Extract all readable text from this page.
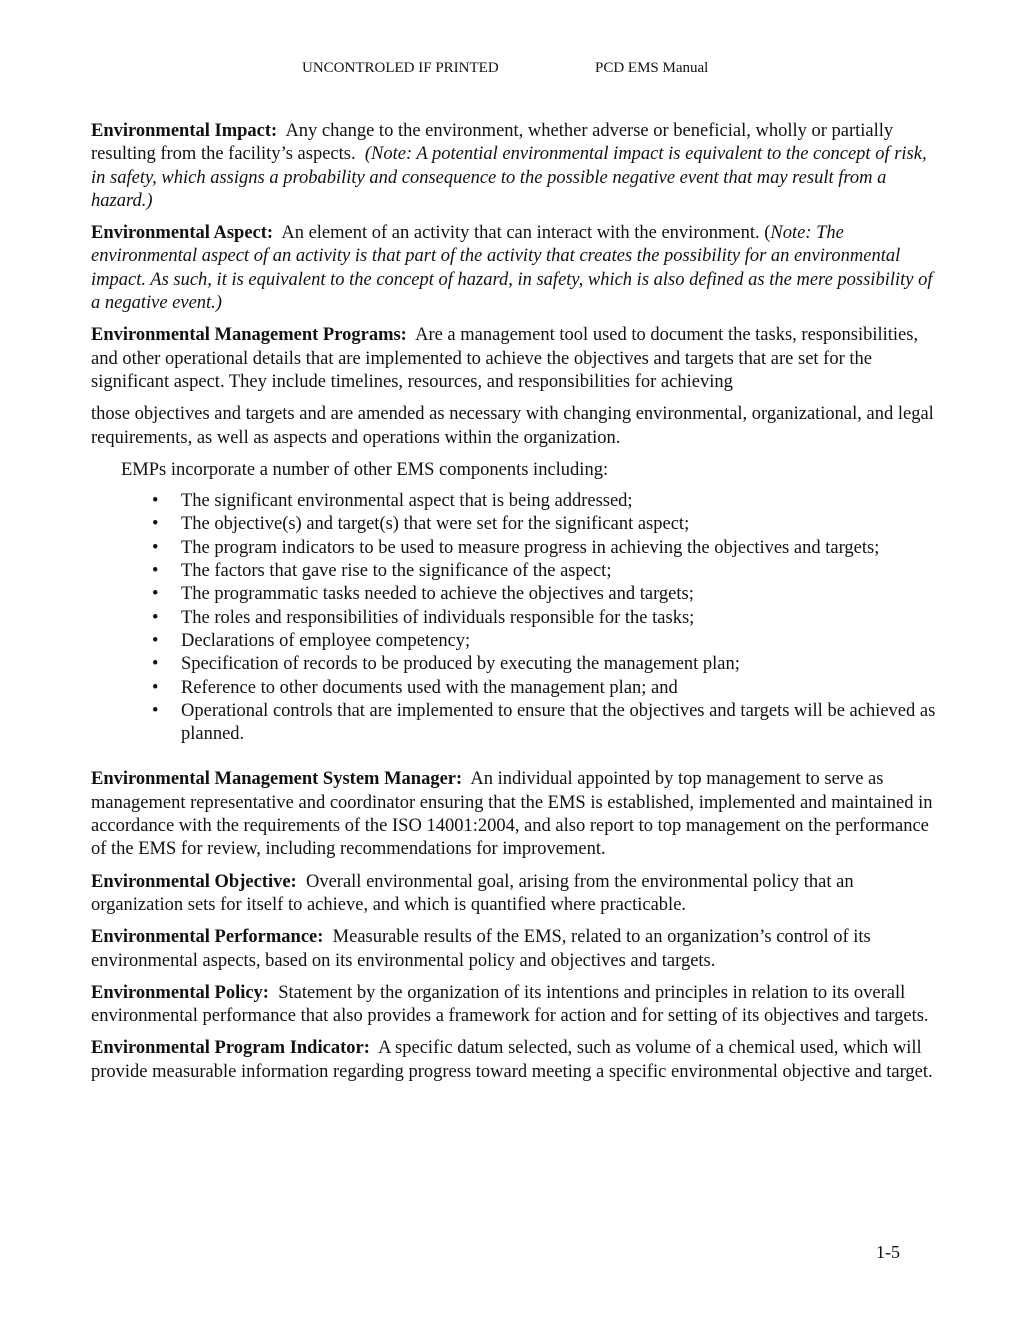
UNCONTROLED IF PRINTED	PCD EMS Manual

Environmental Impact: Any change to the environment, whether adverse or beneficial, wholly or partially resulting from the facility’s aspects. (Note: A potential environmental impact is equivalent to the concept of risk, in safety, which assigns a probability and consequence to the possible negative event that may result from a hazard.)

Environmental Aspect: An element of an activity that can interact with the environment. (Note: The environmental aspect of an activity is that part of the activity that creates the possibility for an environmental impact. As such, it is equivalent to the concept of hazard, in safety, which is also defined as the mere possibility of a negative event.)

Environmental Management Programs: Are a management tool used to document the tasks, responsibilities, and other operational details that are implemented to achieve the objectives and targets that are set for the significant aspect. They include timelines, resources, and responsibilities for achieving

those objectives and targets and are amended as necessary with changing environmental, organizational, and legal requirements, as well as aspects and operations within the organization.

EMPs incorporate a number of other EMS components including:

• The significant environmental aspect that is being addressed;
• The objective(s) and target(s) that were set for the significant aspect;
• The program indicators to be used to measure progress in achieving the objectives and targets;
• The factors that gave rise to the significance of the aspect;
• The programmatic tasks needed to achieve the objectives and targets;
• The roles and responsibilities of individuals responsible for the tasks;
• Declarations of employee competency;
• Specification of records to be produced by executing the management plan;
• Reference to other documents used with the management plan; and
• Operational controls that are implemented to ensure that the objectives and targets will be achieved as planned.

Environmental Management System Manager: An individual appointed by top management to serve as management representative and coordinator ensuring that the EMS is established, implemented and maintained in accordance with the requirements of the ISO 14001:2004, and also report to top management on the performance of the EMS for review, including recommendations for improvement.

Environmental Objective: Overall environmental goal, arising from the environmental policy that an organization sets for itself to achieve, and which is quantified where practicable.

Environmental Performance: Measurable results of the EMS, related to an organization’s control of its environmental aspects, based on its environmental policy and objectives and targets.

Environmental Policy: Statement by the organization of its intentions and principles in relation to its overall environmental performance that also provides a framework for action and for setting of its objectives and targets.

Environmental Program Indicator: A specific datum selected, such as volume of a chemical used, which will provide measurable information regarding progress toward meeting a specific environmental objective and target.

1-5
